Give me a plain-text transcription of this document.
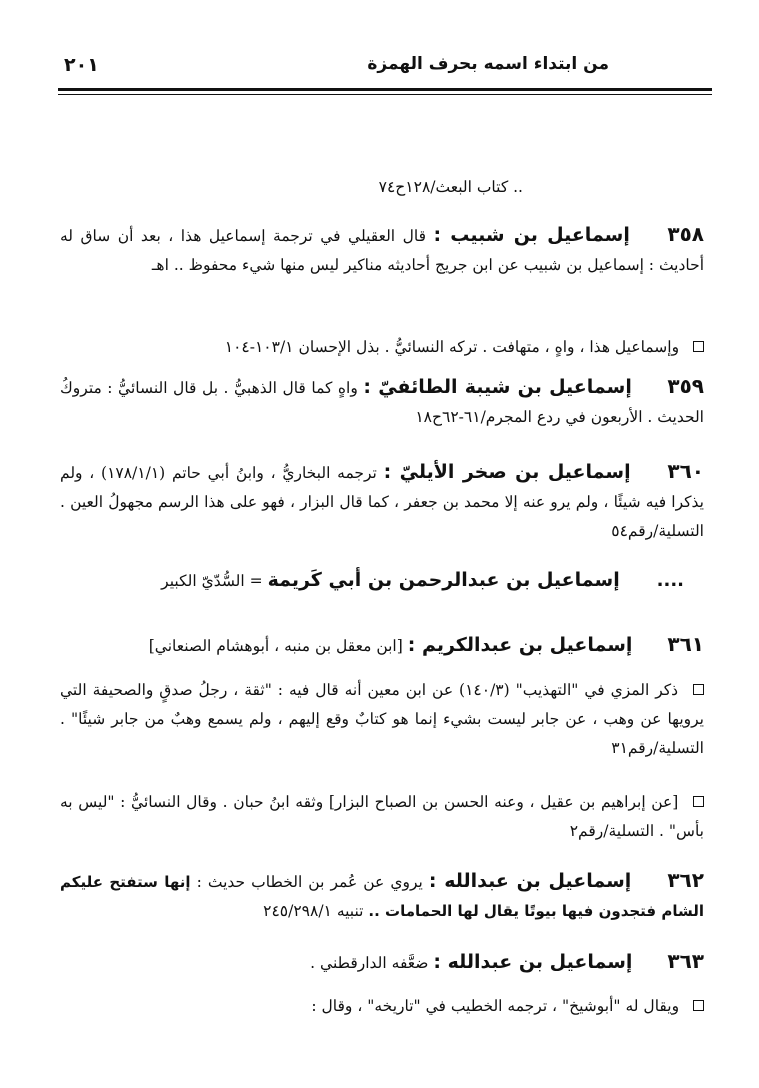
من ابتداء اسمه بحرف الهمزة
٢٠١
.. كتاب البعث/١٢٨ح٧٤
٣٥٨ إسماعيل بن شبيب : قال العقيلي في ترجمة إسماعيل هذا ، بعد أن ساق له أحاديث : إسماعيل بن شبيب عن ابن جريج أحاديثه مناكير ليس منها شيء محفوظ .. اهـ
وإسماعيل هذا ، واهٍ ، متهافت . تركه النسائيُّ . بذل الإحسان ١٠٣/١-١٠٤
٣٥٩ إسماعيل بن شيبة الطائفيّ : واهٍ كما قال الذهبيُّ . بل قال النسائيُّ : متروكُ الحديث . الأربعون في ردع المجرم/٦١-٦٢ح١٨
٣٦٠ إسماعيل بن صخر الأيليّ : ترجمه البخاريُّ ، وابنُ أبي حاتم (١٧٨/١/١) ، ولم يذكرا فيه شيئًا ، ولم يرو عنه إلا محمد بن جعفر ، كما قال البزار ، فهو على هذا الرسم مجهولُ العين . التسلية/رقم٥٤
.... إسماعيل بن عبدالرحمن بن أبي كَريمة = السُّدّيّ الكبير
٣٦١ إسماعيل بن عبدالكريم : [ابن معقل بن منبه ، أبوهشام الصنعاني]
ذكر المزي في "التهذيب" (١٤٠/٣) عن ابن معين أنه قال فيه : "ثقة ، رجلُ صدقٍ والصحيفة التي يرويها عن وهب ، عن جابر ليست بشيء إنما هو كتابٌ وقع إليهم ، ولم يسمع وهبٌ من جابر شيئًا" . التسلية/رقم٣١
[عن إبراهيم بن عقيل ، وعنه الحسن بن الصباح البزار] وثقه ابنُ حبان . وقال النسائيُّ : "ليس به بأس" . التسلية/رقم٢
٣٦٢ إسماعيل بن عبدالله : يروي عن عُمر بن الخطاب حديث : إنها ستفتح عليكم الشام فتجدون فيها بيوتًا يقال لها الحمامات .. تنبيه ٢٤٥/٢٩٨/١
٣٦٣ إسماعيل بن عبدالله : ضعَّفه الدارقطني .
ويقال له "أبوشيخ" ، ترجمه الخطيب في "تاريخه" ، وقال :
